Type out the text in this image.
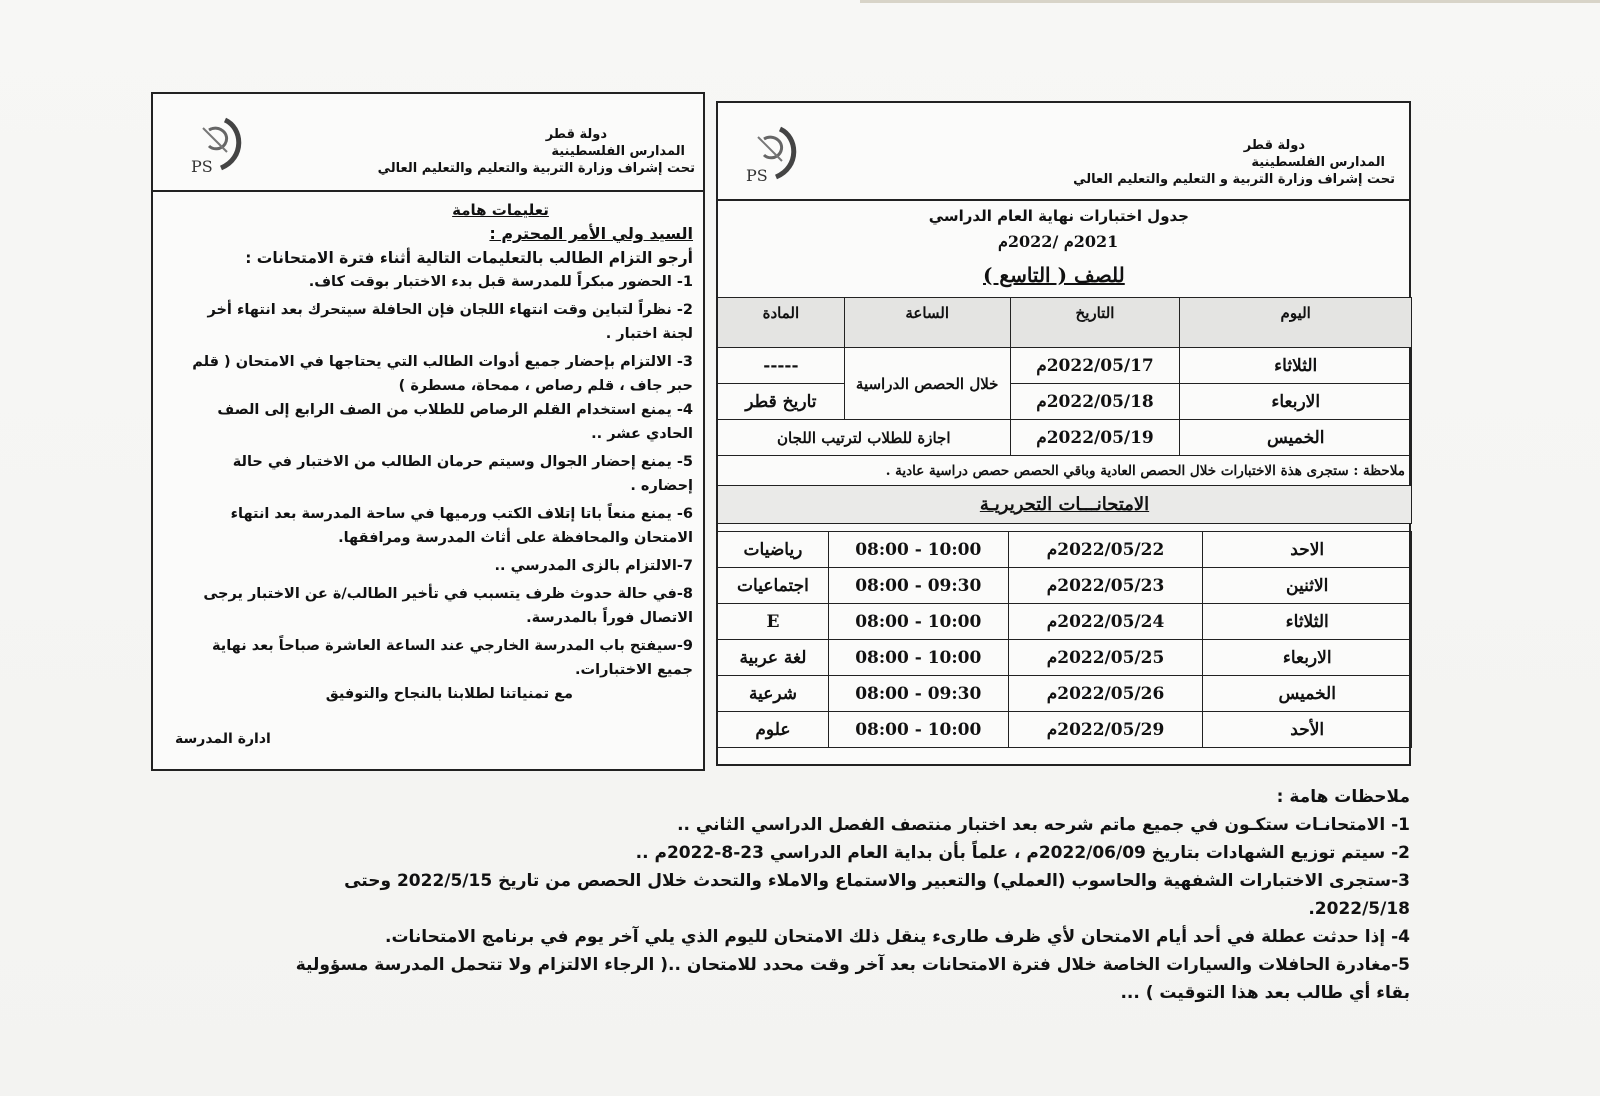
PS
دولة قطر
المدارس الفلسطينية
تحت إشراف وزارة التربية والتعليم والتعليم العالي

تعليمات هامة

السيد ولي الأمر المحترم :

أرجو التزام الطالب بالتعليمات التالية أثناء فترة الامتحانات :

1- الحضور مبكراً للمدرسة قبل بدء الاختبار بوقت كاف.

2- نظراً لتباين وقت انتهاء اللجان فإن الحافلة سيتحرك بعد انتهاء أخر لجنة اختبار .

3- الالتزام بإحضار جميع أدوات الطالب التي يحتاجها في الامتحان ( قلم حبر جاف ، قلم رصاص ، ممحاة، مسطرة )

4- يمنع استخدام القلم الرصاص للطلاب من الصف الرابع إلى الصف الحادي عشر ..

5- يمنع إحضار الجوال وسيتم حرمان الطالب من الاختبار في حالة إحضاره .

6- يمنع منعاً باتا إتلاف الكتب ورميها في ساحة المدرسة بعد انتهاء الامتحان والمحافظة على أثاث المدرسة ومرافقها.

7-الالتزام بالزى المدرسي ..

8-في حالة حدوث ظرف يتسبب في تأخير الطالب/ة عن الاختبار يرجى الاتصال فوراً بالمدرسة.

9-سيفتح باب المدرسة الخارجي عند الساعة العاشرة صباحاً بعد نهاية جميع الاختبارات.

مع تمنياتنا لطلابنا بالنجاح والتوفيق

ادارة المدرسة
PS
دولة قطر
المدارس الفلسطينية
تحت إشراف وزارة التربية و التعليم والتعليم العالي
جدول اختبارات نهاية العام الدراسي
2021م /2022م
للصف ( التاسع )
اليوم	التاريخ	الساعة	المادة
الثلاثاء	2022/05/17م	خلال الحصص الدراسية	-----
الاربعاء	2022/05/18م		تاريخ قطر
الخميس	2022/05/19م	اجازة للطلاب لترتيب اللجان	
ملاحظة : ستجرى هذة الاختبارات خلال الحصص العادية وباقي الحصص حصص دراسية عادية .			
الامتحانـــات التحريريـة			
الاحد	2022/05/22م	08:00 - 10:00	رياضيات
الاثنين	2022/05/23م	08:00 - 09:30	اجتماعيات
الثلاثاء	2022/05/24م	08:00 - 10:00	E
الاربعاء	2022/05/25م	08:00 - 10:00	لغة عربية
الخميس	2022/05/26م	08:00 - 09:30	شرعية
الأحد	2022/05/29م	08:00 - 10:00	علوم

ملاحظات هامة :

1- الامتحانـات ستكـون في جميع ماتم شرحه بعد اختبار منتصف الفصل الدراسي الثاني ..

2- سيتم توزيع الشهادات بتاريخ 2022/06/09م ، علماً بأن بداية العام الدراسي 23-8-2022م ..

3-ستجرى الاختبارات الشفهية والحاسوب (العملي) والتعبير والاستماع والاملاء والتحدث خلال الحصص من تاريخ 2022/5/15 وحتى 2022/5/18.

4- إذا حدثت عطلة في أحد أيام الامتحان لأي ظرف طارىء ينقل ذلك الامتحان لليوم الذي يلي آخر يوم في برنامج الامتحانات.

5-مغادرة الحافلات والسيارات الخاصة خلال فترة الامتحانات بعد آخر وقت محدد للامتحان ..( الرجاء الالتزام ولا تتحمل المدرسة مسؤولية بقاء أي طالب بعد هذا التوقيت ) ...
